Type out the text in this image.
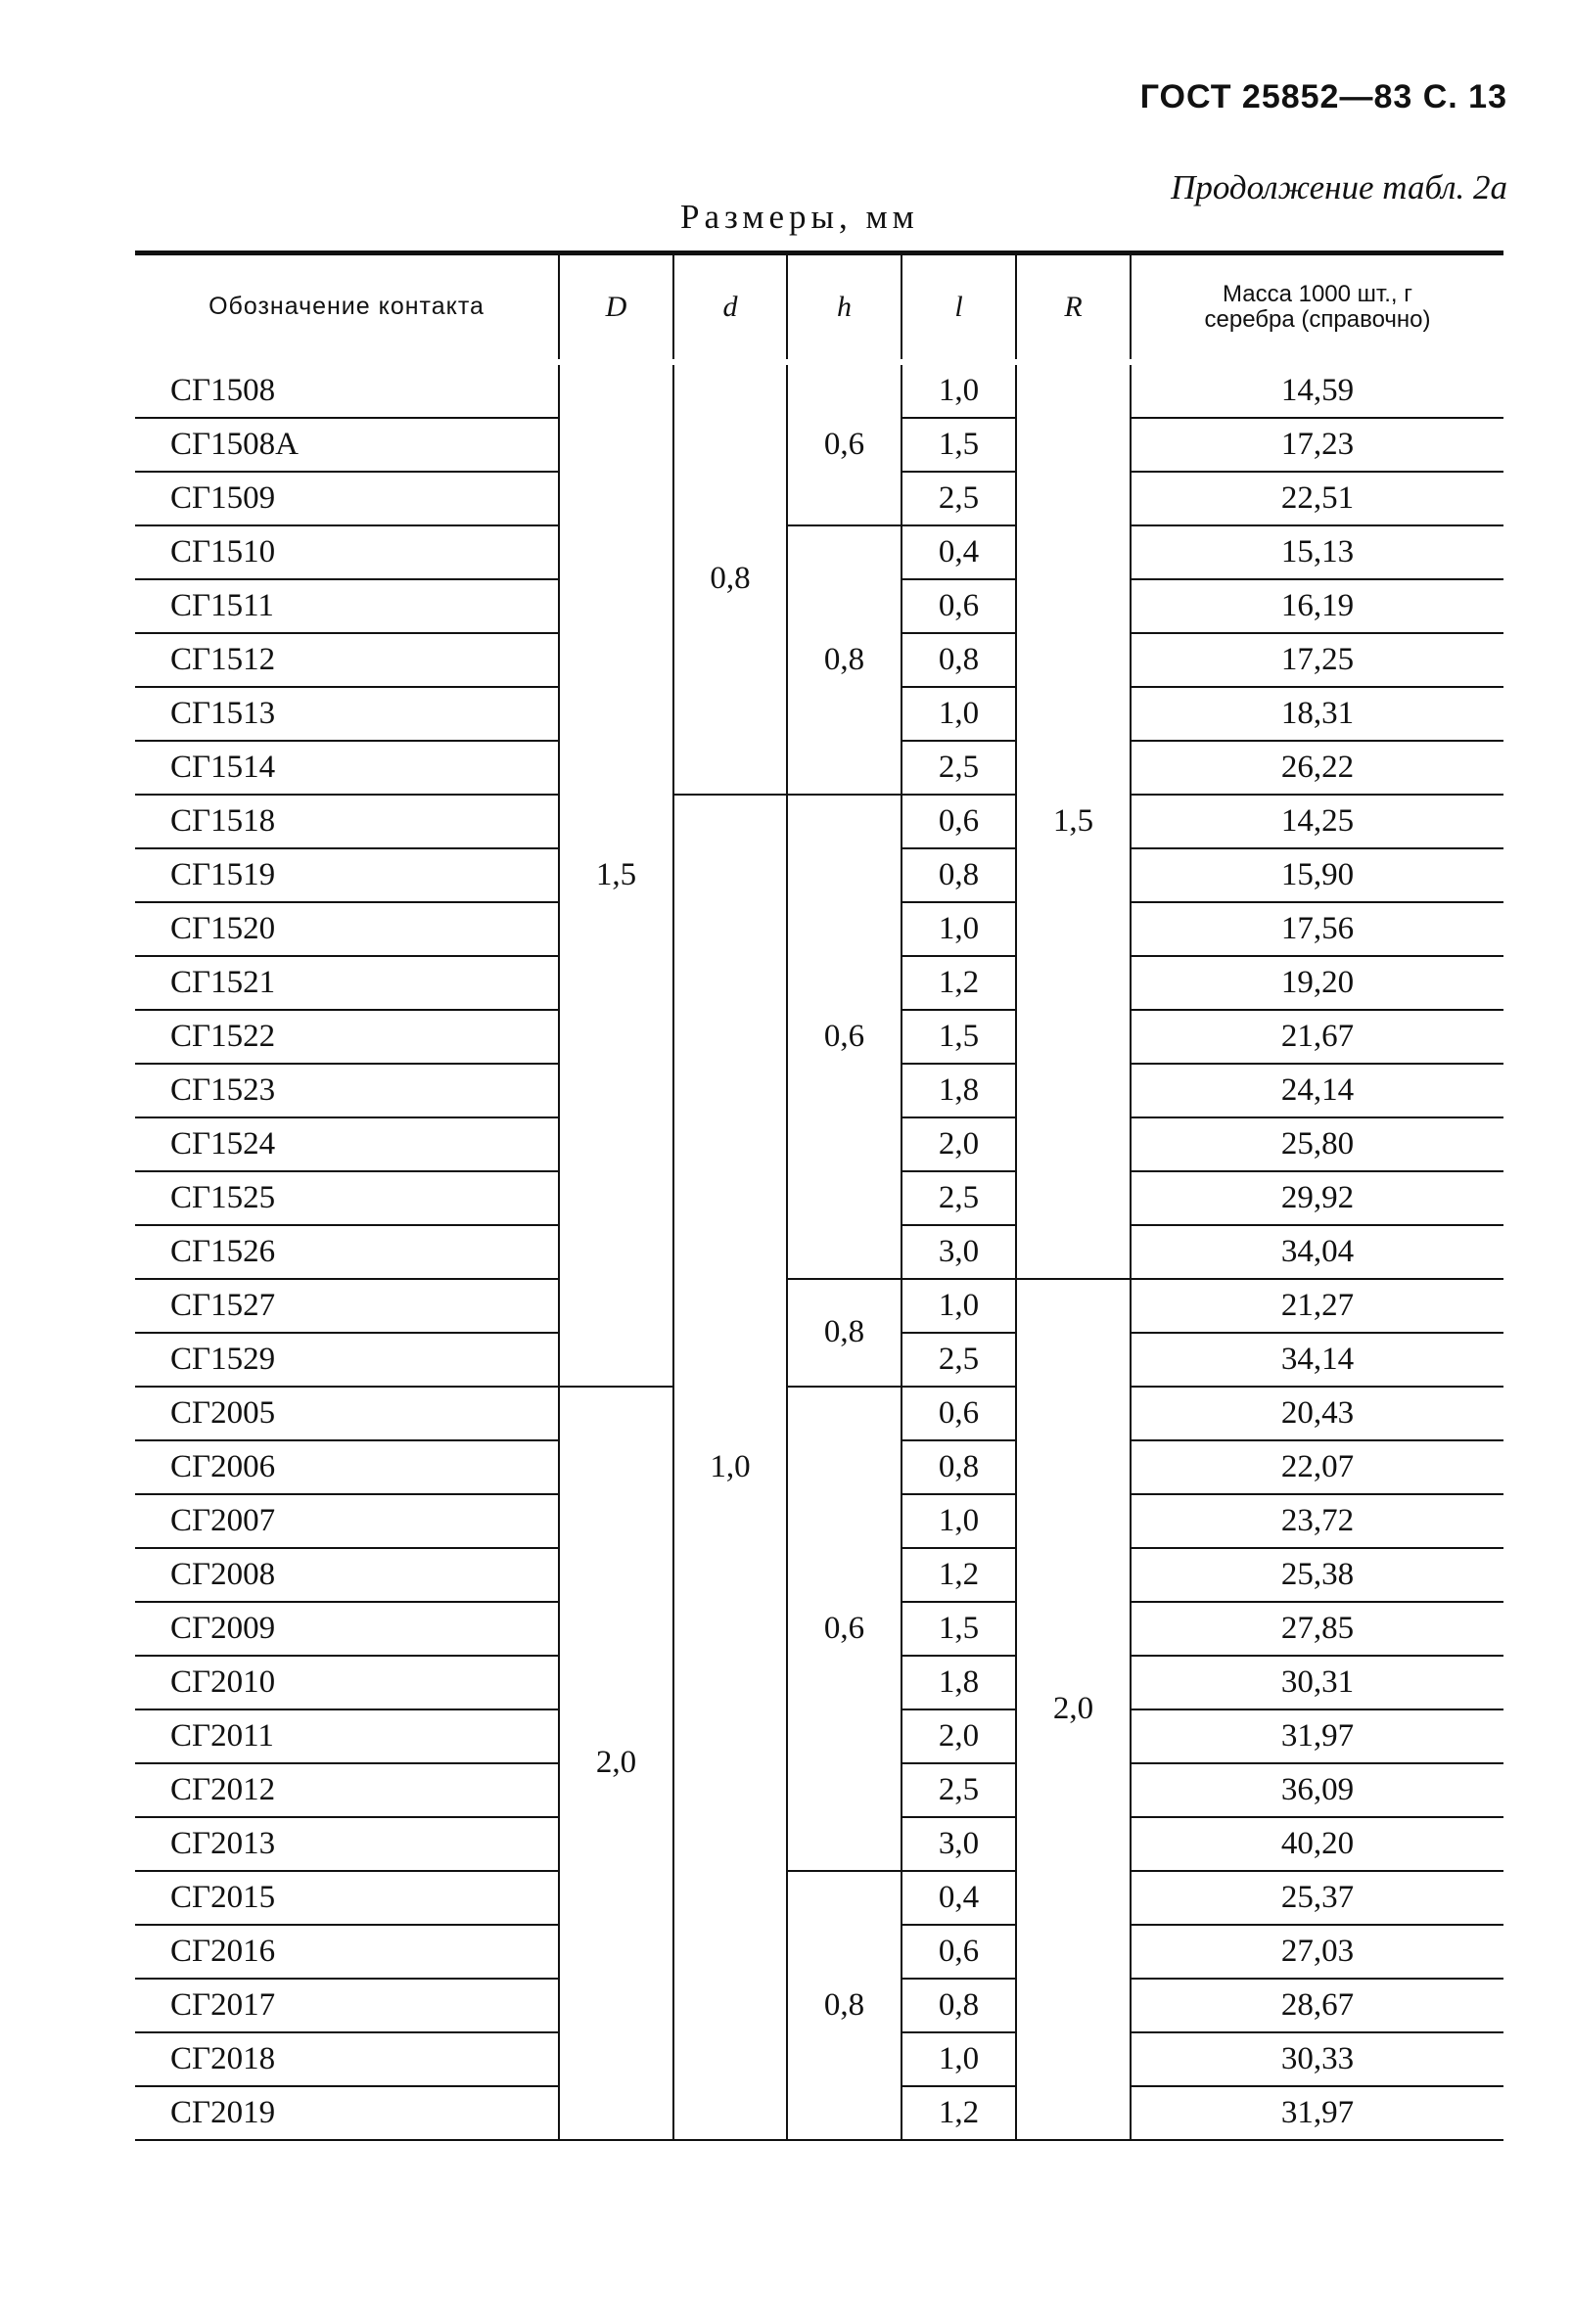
ГОСТ 25852—83 С. 13
Продолжение табл. 2а
Размеры, мм
Обозначение контакта	D	d	h	l	R	Масса 1000 шт., г
серебра (справочно)

СГ1508	1,5	0,8	0,6	1,0	1,5	14,59
СГ1508А				1,5		17,23
СГ1509				2,5		22,51
СГ1510			0,8	0,4		15,13
СГ1511				0,6		16,19
СГ1512				0,8		17,25
СГ1513				1,0		18,31
СГ1514				2,5		26,22
СГ1518		1,0	0,6	0,6		14,25
СГ1519				0,8		15,90
СГ1520				1,0		17,56
СГ1521				1,2		19,20
СГ1522				1,5		21,67
СГ1523				1,8		24,14
СГ1524				2,0		25,80
СГ1525				2,5		29,92
СГ1526				3,0		34,04
СГ1527			0,8	1,0	2,0	21,27
СГ1529				2,5		34,14
СГ2005	2,0		0,6	0,6		20,43
СГ2006				0,8		22,07
СГ2007				1,0		23,72
СГ2008				1,2		25,38
СГ2009				1,5		27,85
СГ2010				1,8		30,31
СГ2011				2,0		31,97
СГ2012				2,5		36,09
СГ2013				3,0		40,20
СГ2015			0,8	0,4		25,37
СГ2016				0,6		27,03
СГ2017				0,8		28,67
СГ2018				1,0		30,33
СГ2019				1,2		31,97
